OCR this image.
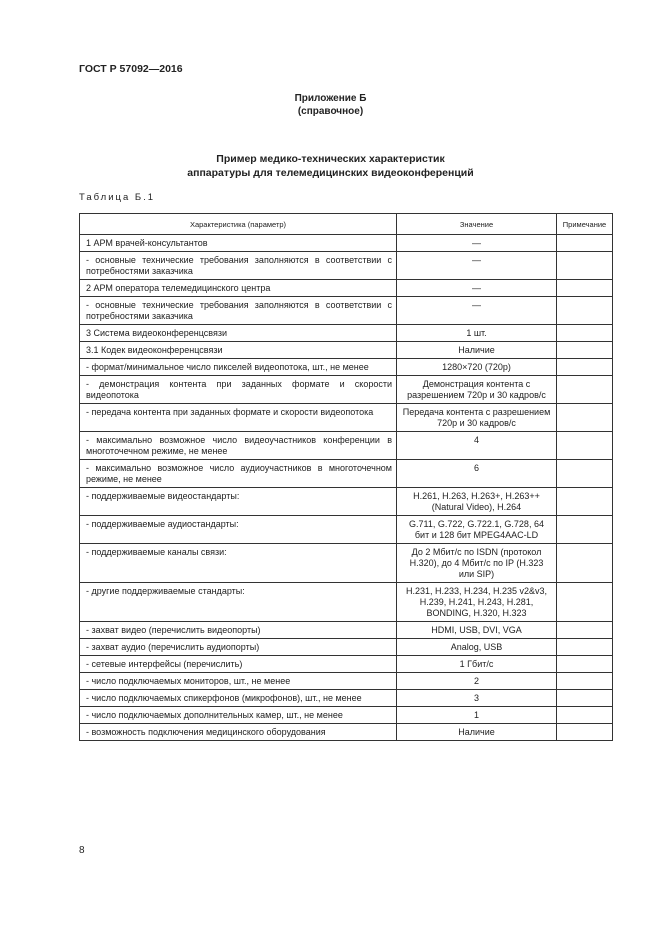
ГОСТ Р 57092—2016
Приложение Б
(справочное)
Пример медико-технических характеристик
аппаратуры для телемедицинских видеоконференций
Таблица Б.1
Характеристика (параметр)	Значение	Примечание
1 АРМ врачей-консультантов	—	
- основные технические требования заполняются в соответствии с потребностями заказчика	—	
2 АРМ оператора телемедицинского центра	—	
- основные технические требования заполняются в соответствии с потребностями заказчика	—	
3 Система видеоконференцсвязи	1 шт.	
3.1 Кодек видеоконференцсвязи	Наличие	
- формат/минимальное число пикселей видеопотока, шт., не менее	1280×720 (720p)	
- демонстрация контента при заданных формате и скорости видеопотока	Демонстрация контента с разрешением 720p и 30 кадров/с	
- передача контента при заданных формате и скорости видеопотока	Передача контента с разрешением 720p и 30 кадров/с	
- максимально возможное число видеоучастников конференции в многоточечном режиме, не менее	4	
- максимально возможное число аудиоучастников в многоточечном режиме, не менее	6	
- поддерживаемые видеостандарты:	H.261, H.263, H.263+, H.263++ (Natural Video), H.264	
- поддерживаемые аудиостандарты:	G.711, G.722, G.722.1, G.728, 64 бит и 128 бит MPEG4AAC-LD	
- поддерживаемые каналы связи:	До 2 Мбит/с по ISDN (протокол H.320), до 4 Мбит/с по IP (H.323 или SIP)	
- другие поддерживаемые стандарты:	H.231, H.233, H.234, H.235 v2&v3, H.239, H.241, H.243, H.281, BONDING, H.320, H.323	
- захват видео (перечислить видеопорты)	HDMI, USB, DVI, VGA	
- захват аудио (перечислить аудиопорты)	Analog, USB	
- сетевые интерфейсы (перечислить)	1 Гбит/с	
- число подключаемых мониторов, шт., не менее	2	
- число подключаемых спикерфонов (микрофонов), шт., не менее	3	
- число подключаемых дополнительных камер, шт., не менее	1	
- возможность подключения медицинского оборудования	Наличие	
8
